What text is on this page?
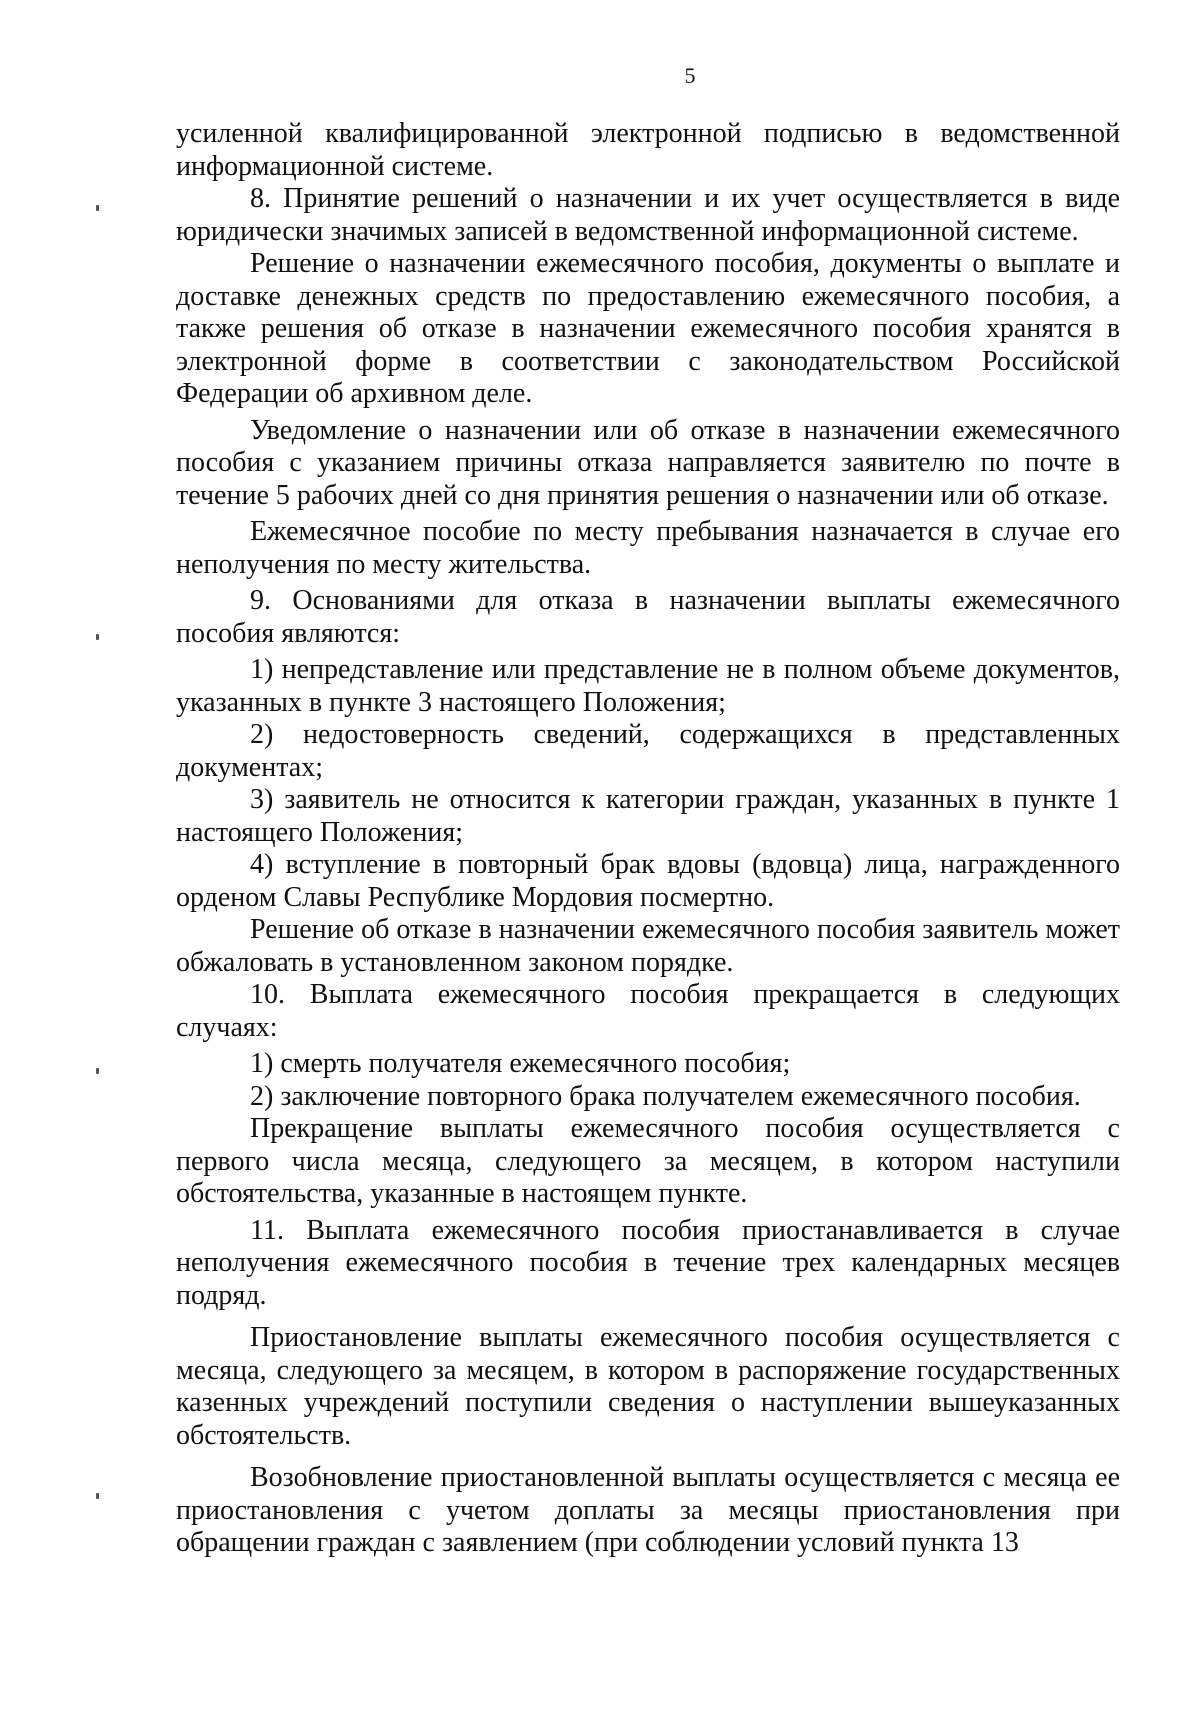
5

усиленной квалифицированной электронной подписью в ведомственной информационной системе.

8. Принятие решений о назначении и их учет осуществляется в виде юридически значимых записей в ведомственной информационной системе.

Решение о назначении ежемесячного пособия, документы о выплате и доставке денежных средств по предоставлению ежемесячного пособия, а также решения об отказе в назначении ежемесячного пособия хранятся в электронной форме в соответствии с законодательством Российской Федерации об архивном деле.

Уведомление о назначении или об отказе в назначении ежемесячного пособия с указанием причины отказа направляется заявителю по почте в течение 5 рабочих дней со дня принятия решения о назначении или об отказе.

Ежемесячное пособие по месту пребывания назначается в случае его неполучения по месту жительства.

9. Основаниями для отказа в назначении выплаты ежемесячного пособия являются:

1) непредставление или представление не в полном объеме документов, указанных в пункте 3 настоящего Положения;

2) недостоверность сведений, содержащихся в представленных документах;

3) заявитель не относится к категории граждан, указанных в пункте 1 настоящего Положения;

4) вступление в повторный брак вдовы (вдовца) лица, награжденного орденом Славы Республике Мордовия посмертно.

Решение об отказе в назначении ежемесячного пособия заявитель может обжаловать в установленном законом порядке.

10. Выплата ежемесячного пособия прекращается в следующих случаях:

1) смерть получателя ежемесячного пособия;

2) заключение повторного брака получателем ежемесячного пособия.

Прекращение выплаты ежемесячного пособия осуществляется с первого числа месяца, следующего за месяцем, в котором наступили обстоятельства, указанные в настоящем пункте.

11. Выплата ежемесячного пособия приостанавливается в случае неполучения ежемесячного пособия в течение трех календарных месяцев подряд.

Приостановление выплаты ежемесячного пособия осуществляется с месяца, следующего за месяцем, в котором в распоряжение государственных казенных учреждений поступили сведения о наступлении вышеуказанных обстоятельств.

Возобновление приостановленной выплаты осуществляется с месяца ее приостановления с учетом доплаты за месяцы приостановления при обращении граждан с заявлением (при соблюдении условий пункта 13
